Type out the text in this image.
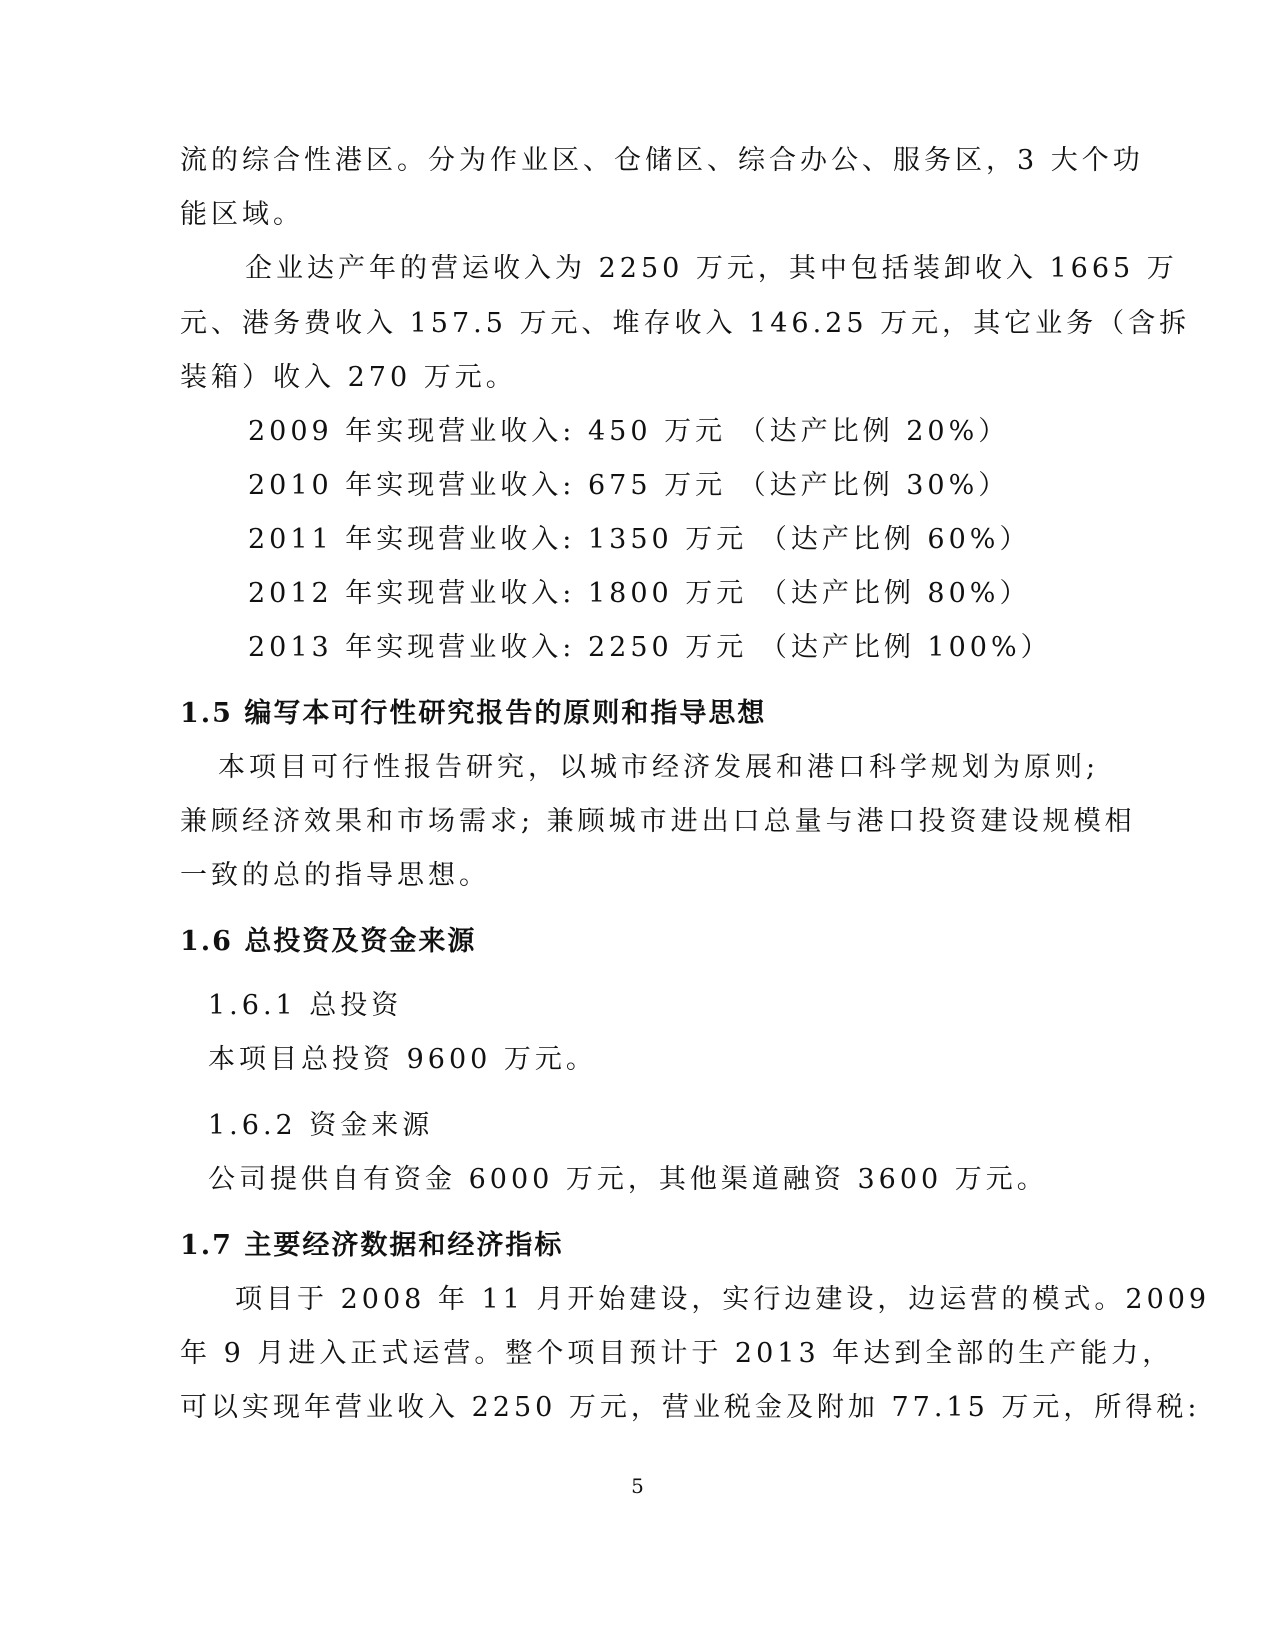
流的综合性港区。分为作业区、仓储区、综合办公、服务区，3 大个功
能区域。
企业达产年的营运收入为 2250 万元，其中包括装卸收入 1665 万
元、港务费收入 157.5 万元、堆存收入 146.25 万元，其它业务（含拆
装箱）收入 270 万元。
2009 年实现营业收入: 450 万元 （达产比例 20%）
2010 年实现营业收入: 675 万元 （达产比例 30%）
2011 年实现营业收入: 1350 万元 （达产比例 60%）
2012 年实现营业收入: 1800 万元 （达产比例 80%）
2013 年实现营业收入: 2250 万元 （达产比例 100%）
1.5 编写本可行性研究报告的原则和指导思想
本项目可行性报告研究，以城市经济发展和港口科学规划为原则;
兼顾经济效果和市场需求; 兼顾城市进出口总量与港口投资建设规模相
一致的总的指导思想。
1.6 总投资及资金来源
1.6.1 总投资
本项目总投资 9600 万元。
1.6.2 资金来源
公司提供自有资金 6000 万元，其他渠道融资 3600 万元。
1.7 主要经济数据和经济指标
项目于 2008 年 11 月开始建设，实行边建设，边运营的模式。2009
年 9 月进入正式运营。整个项目预计于 2013 年达到全部的生产能力，
可以实现年营业收入 2250 万元，营业税金及附加 77.15 万元，所得税:
5
